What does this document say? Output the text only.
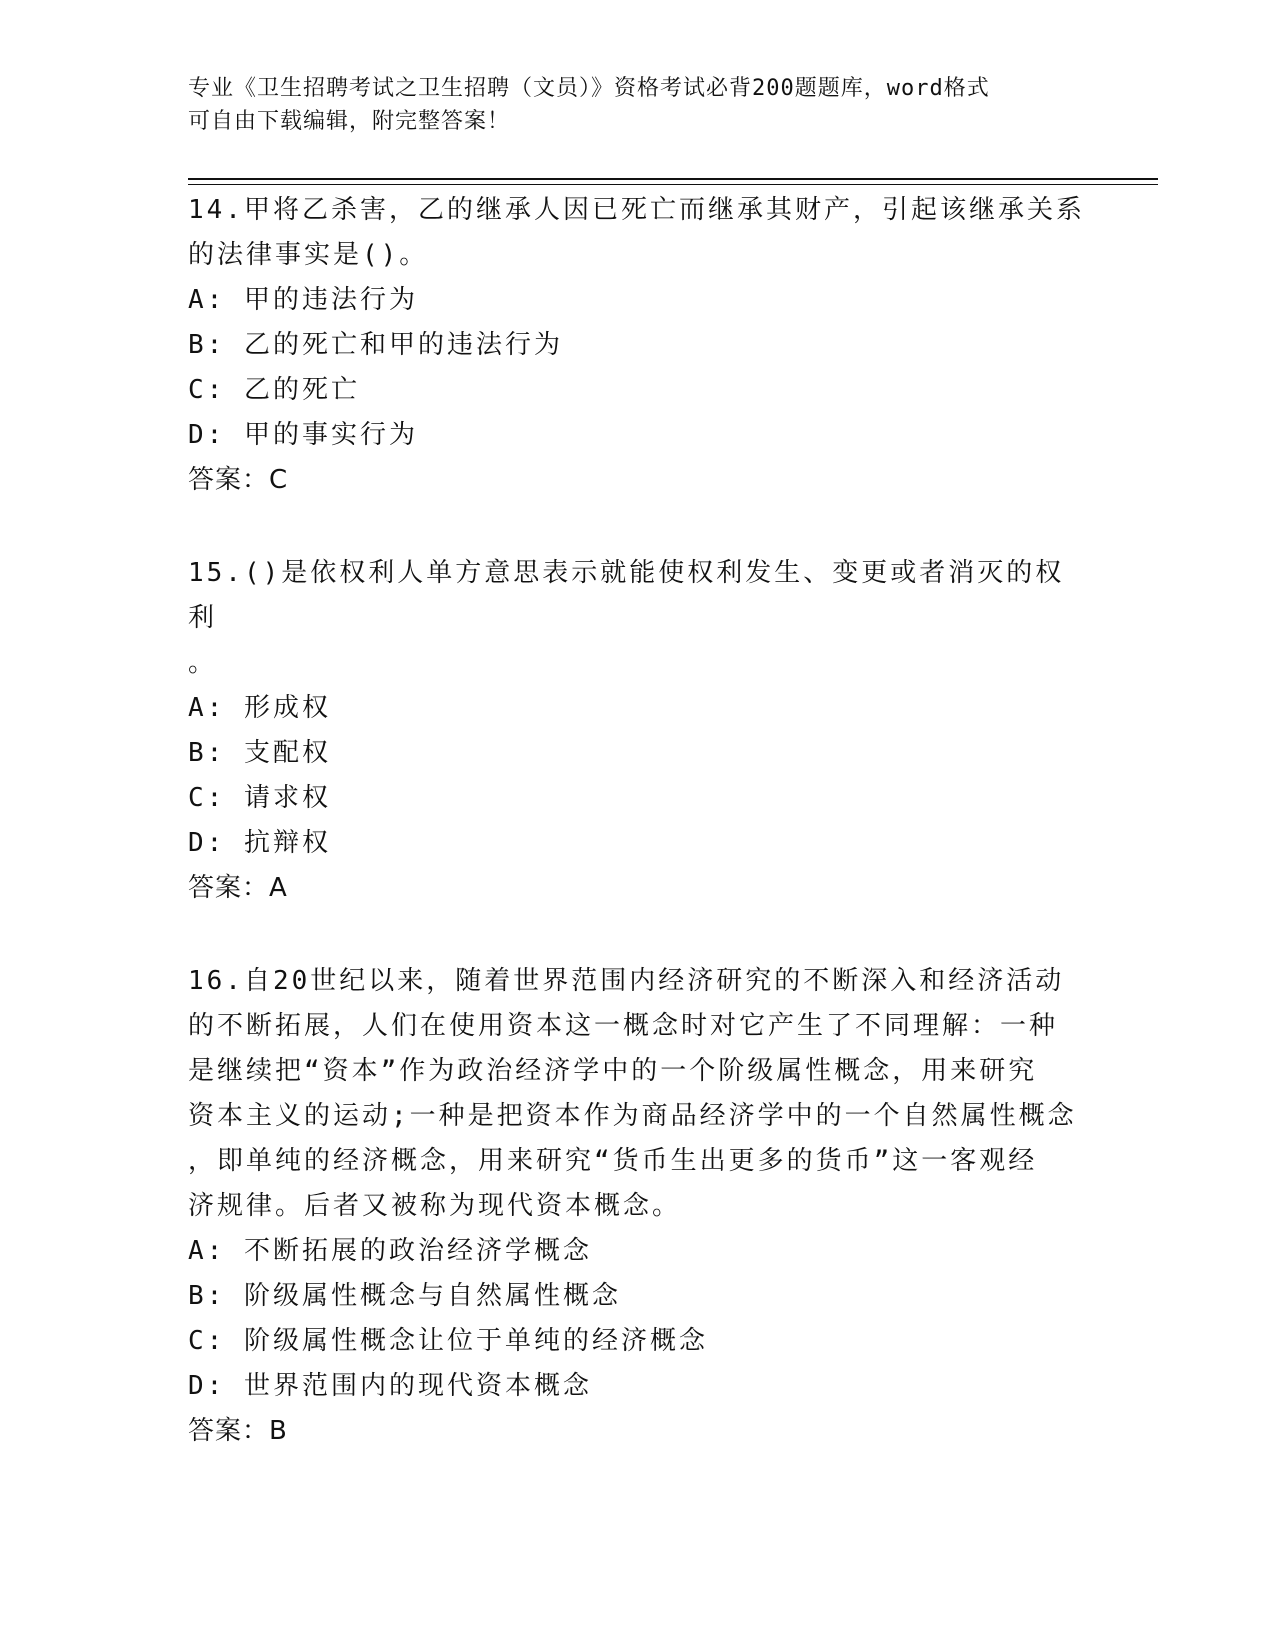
专业《卫生招聘考试之卫生招聘（文员）》资格考试必背200题题库，word格式
可自由下载编辑，附完整答案！
14.甲将乙杀害，乙的继承人因已死亡而继承其财产，引起该继承关系
的法律事实是()。
A: 甲的违法行为
B: 乙的死亡和甲的违法行为
C: 乙的死亡
D: 甲的事实行为
答案：C
15.()是依权利人单方意思表示就能使权利发生、变更或者消灭的权利
。
A: 形成权
B: 支配权
C: 请求权
D: 抗辩权
答案：A
16.自20世纪以来，随着世界范围内经济研究的不断深入和经济活动
的不断拓展，人们在使用资本这一概念时对它产生了不同理解：一种
是继续把“资本”作为政治经济学中的一个阶级属性概念，用来研究
资本主义的运动;一种是把资本作为商品经济学中的一个自然属性概念
，即单纯的经济概念，用来研究“货币生出更多的货币”这一客观经
济规律。后者又被称为现代资本概念。
A: 不断拓展的政治经济学概念
B: 阶级属性概念与自然属性概念
C: 阶级属性概念让位于单纯的经济概念
D: 世界范围内的现代资本概念
答案：B
